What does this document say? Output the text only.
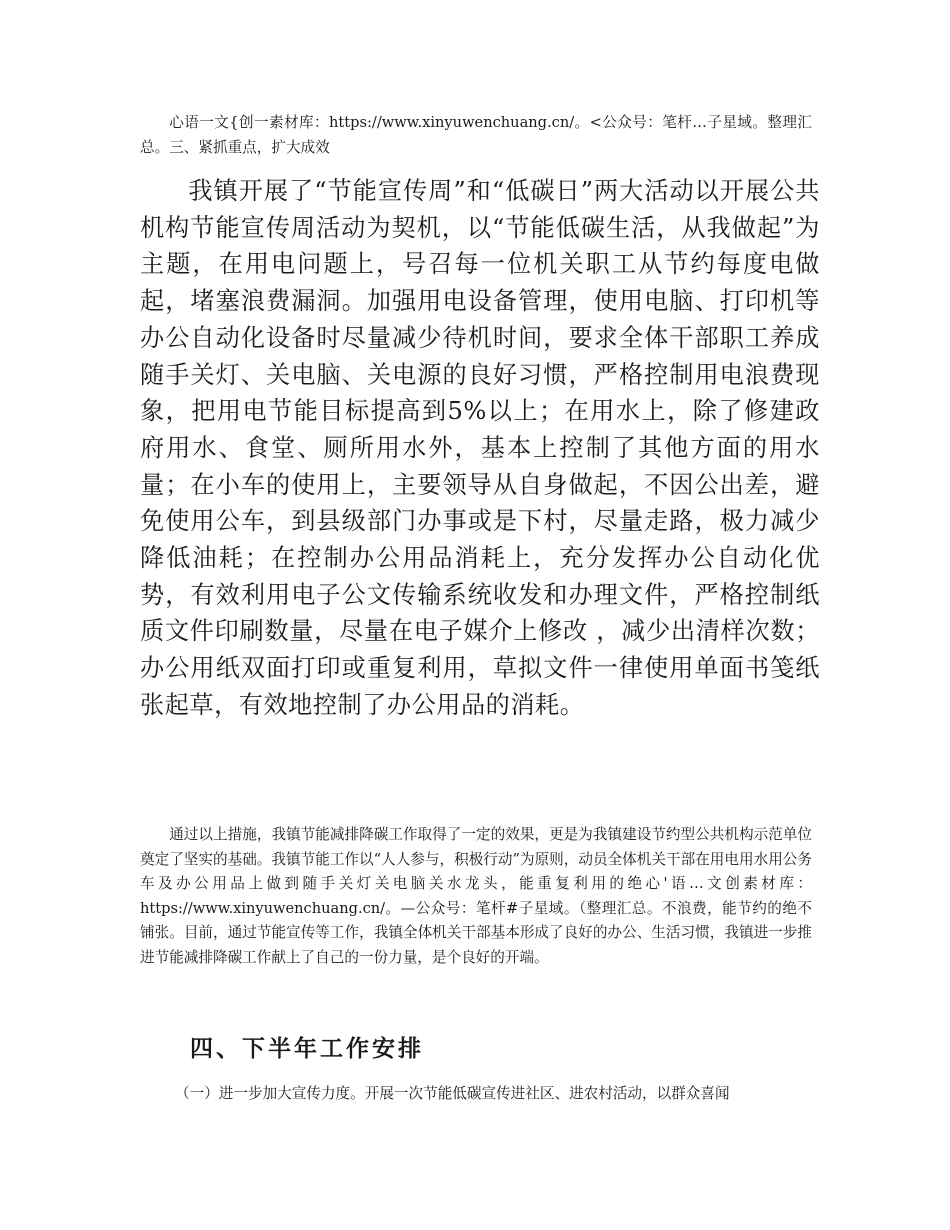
心语一文{创一素材库：https://www.xinyuwenchuang.cn/。<公众号：笔杆…子星域。整理汇总。三、紧抓重点，扩大成效

我镇开展了“节能宣传周”和“低碳日”两大活动以开展公共机构节能宣传周活动为契机，以“节能低碳生活，从我做起”为主题，在用电问题上，号召每一位机关职工从节约每度电做起，堵塞浪费漏洞。加强用电设备管理，使用电脑、打印机等办公自动化设备时尽量减少待机时间，要求全体干部职工养成随手关灯、关电脑、关电源的良好习惯，严格控制用电浪费现象，把用电节能目标提高到5%以上；在用水上，除了修建政府用水、食堂、厕所用水外，基本上控制了其他方面的用水量；在小车的使用上，主要领导从自身做起，不因公出差，避免使用公车，到县级部门办事或是下村，尽量走路，极力减少降低油耗；在控制办公用品消耗上，充分发挥办公自动化优势，有效利用电子公文传输系统收发和办理文件，严格控制纸质文件印刷数量，尽量在电子媒介上修改 ，减少出清样次数；办公用纸双面打印或重复利用，草拟文件一律使用单面书笺纸张起草，有效地控制了办公用品的消耗。

通过以上措施，我镇节能减排降碳工作取得了一定的效果，更是为我镇建设节约型公共机构示范单位奠定了坚实的基础。我镇节能工作以“人人参与，积极行动”为原则，动员全体机关干部在用电用水用公务车及办公用品上做到随手关灯关电脑关水龙头，能重复利用的绝心'语…文创素材库：https://www.xinyuwenchuang.cn/。—公众号：笔杆#子星域。（整理汇总。不浪费，能节约的绝不铺张。目前，通过节能宣传等工作，我镇全体机关干部基本形成了良好的办公、生活习惯，我镇进一步推进节能减排降碳工作献上了自己的一份力量，是个良好的开端。

四、下半年工作安排

（一）进一步加大宣传力度。开展一次节能低碳宣传进社区、进农村活动，以群众喜闻
